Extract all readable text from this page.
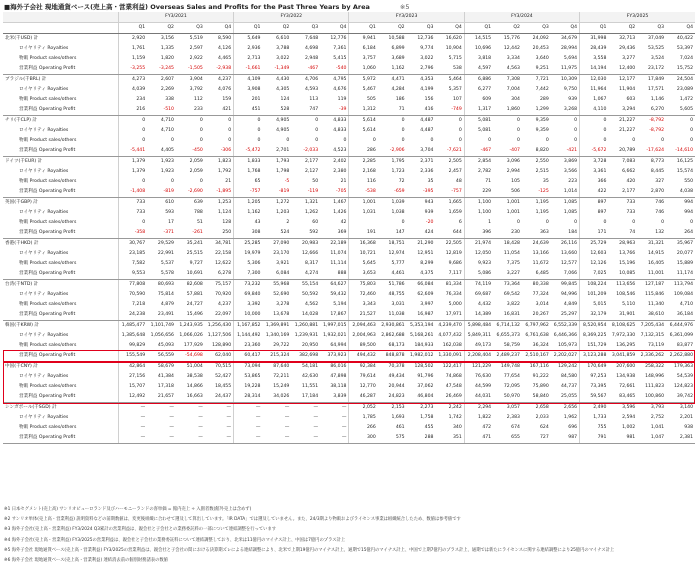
■海外子会社 現地通貨ベース(売上高・営業利益) Overseas Sales and Profits for the Past Three Years by Area	※5
	FY3/2021				FY3/2022				FY3/2023				FY3/2024				FY3/2025			
	Q1	Q2	Q3	Q4	Q1	Q2	Q3	Q4	Q1	Q2	Q3	Q4	Q1	Q2	Q3	Q4	Q1	Q2	Q3	Q4
北米(千USD) 計	2,920	3,156	5,519	8,590	5,649	6,610	7,648	12,776	9,941	10,588	12,736	16,620	14,515	15,776	24,092	34,679	31,998	32,713	37,049	40,422
ロイヤリティ Royalties	1,761	1,335	2,597	4,126	2,936	3,788	4,698	7,361	6,184	6,899	9,774	10,904	10,696	12,442	20,453	28,994	28,439	29,436	53,525	53,397
物販 Product sales/others	1,159	1,820	2,922	4,465	2,713	3,022	2,948	5,415	3,757	3,689	3,022	5,715	3,818	3,334	3,640	5,694	3,558	3,277	3,524	7,024
営業利益 Operating Profit	-3,255	-3,245	-1,505	-2,938	-1,661	-1,349	-467	-540	1,060	1,162	2,796	538	4,597	4,563	9,251	11,975	14,194	12,400	23,172	15,752
ブラジル(千BRL) 計	4,273	2,607	3,904	4,237	4,109	4,430	4,706	4,795	5,972	4,471	4,353	5,464	6,886	7,308	7,721	10,309	12,030	12,177	17,849	24,504
ロイヤリティ Royalties	4,039	2,269	3,792	4,076	3,908	4,305	4,593	4,676	5,467	4,284	4,199	5,357	6,277	7,004	7,442	9,750	11,964	11,904	17,571	23,089
物販 Product sales/others	234	338	112	159	201	124	113	119	505	186	156	107	609	304	289	939	1,067	603	1,146	1,472
営業利益 Operating Profit	216	-510	233	421	451	528	747	-39	1,312	71	416	-749	1,317	1,860	1,299	3,268	4,110	3,294	6,270	5,605
チリ(千CLP) 計	0	4,710	0	0	0	4,905	0	4,833	5,614	0	4,487	0	5,081	0	9,359	0	0	21,227	-8,792	0
ロイヤリティ Royalties	0	4,710	0	0	0	4,905	0	4,833	5,614	0	4,487	0	5,081	0	9,359	0	0	21,227	-8,792	0
物販 Product sales/others	0	0	0	0	0	0	0	0	0	0	0	0	0	0	0	0	0	0	0	0
営業利益 Operating Profit	-5,441	4,405	-450	-306	-5,472	2,701	-2,033	4,523	286	-2,906	3,704	-7,621	-467	-407	8,820	-421	-5,672	20,789	-17,624	-14,610
ドイツ(千EUR) 計	1,379	1,923	2,059	1,823	1,833	1,793	2,177	2,402	2,285	1,795	2,371	2,505	2,854	3,096	2,550	3,869	3,728	7,083	8,773	16,125
ロイヤリティ Royalties	1,379	1,923	2,059	1,792	1,768	1,798	2,127	2,380	2,168	1,723	2,336	2,457	2,782	2,994	2,515	3,566	3,361	6,662	8,445	15,574
物販 Product sales/others	0	0	0	21	65	-5	50	21	116	72	35	48	71	105	35	223	366	420	327	550
営業利益 Operating Profit	-1,408	-819	-2,690	-1,895	-757	-819	-119	-705	-538	-659	-395	-757	229	506	-125	1,014	422	2,177	2,870	4,038
英国(千GBP) 計	733	610	639	1,253	1,205	1,272	1,321	1,467	1,001	1,039	943	1,665	1,100	1,001	1,195	1,085	897	733	746	994
ロイヤリティ Royalties	733	593	788	1,124	1,162	1,203	1,262	1,426	1,031	1,038	939	1,659	1,100	1,001	1,195	1,085	897	733	746	994
物販 Product sales/others	0	17	51	128	43	2	60	42		0	-20	6	1	0	0	0	0	0	0	0
営業利益 Operating Profit	-358	-371	-261	250	308	524	592	369	191	147	424	644	396	230	363	184	171	74	132	264
香港(千HKD) 計	30,767	29,529	35,241	34,781	25,285	27,090	20,983	22,189	16,368	18,751	21,290	22,505	21,974	18,428	24,639	26,116	25,729	28,963	31,321	35,967
ロイヤリティ Royalties	23,185	22,991	25,515	22,158	19,979	23,170	12,666	11,074	10,721	12,974	12,951	12,819	12,050	11,054	13,166	13,660	12,603	13,766	14,915	20,077
物販 Product sales/others	7,582	5,537	9,727	12,622	5,306	3,921	8,317	11,114	5,645	5,777	8,299	9,686	9,923	7,375	11,672	12,577	12,126	15,196	16,405	15,889
営業利益 Operating Profit	9,553	5,578	10,691	6,278	7,300	6,084	4,274	888	3,653	4,461	4,375	7,117	5,086	3,227	6,485	7,066	7,025	10,085	11,001	11,174
台湾(千NTD) 計	77,808	80,693	82,608	75,157	73,232	55,968	55,154	64,627	75,803	51,786	66,084	81,334	74,119	73,364	80,338	99,845	108,224	113,656	127,187	113,794
ロイヤリティ Royalties	70,590	75,814	57,881	70,920	69,840	52,690	50,592	59,432	72,460	48,755	62,609	76,334	69,687	69,542	77,324	94,996	101,209	108,546	115,846	109,084
物販 Product sales/others	7,218	4,879	24,727	4,237	3,392	3,278	4,562	5,194	3,343	3,031	3,997	5,000	4,432	3,822	3,014	4,849	5,015	5,110	11,340	4,710
営業利益 Operating Profit	24,238	23,491	15,496	22,097	10,000	13,678	14,028	17,867	21,527	11,038	16,987	17,971	14,389	16,831	20,267	25,297	32,179	31,901	38,610	36,184
韓国(千KRW) 計	1,485,477	1,101,749	1,243,935	1,256,430	1,167,852	1,369,891	1,260,881	1,997,015	2,094,463	2,930,861	5,353,194	4,239,470	5,898,484	6,714,132	6,797,962	6,552,339	8,520,954	8,108,625	7,205,434	6,444,976
ロイヤリティ Royalties	1,385,648	1,056,656	1,066,026	1,127,506	1,144,492	1,340,169	1,239,931	1,932,021	2,004,963	2,862,688	5,168,261	4,077,432	5,849,311	6,655,373	6,761,638	6,446,366	8,369,225	7,972,330	7,132,315	6,361,099
物販 Product sales/others	99,829	45,093	177,929	128,890	23,360	29,722	20,950	64,994	89,500	68,173	184,933	162,038	49,173	58,759	36,324	105,973	151,729	136,295	73,119	83,877
営業利益 Operating Profit	155,549	56,559	-54,698	62,040	60,417	215,324	382,698	373,923	494,432	848,878	1,982,012	1,330,091	2,208,404	2,489,237	2,510,167	2,202,027	3,123,288	3,041,859	2,336,262	2,262,880
中国(千CNY) 計	42,864	58,679	51,004	70,515	73,094	87,640	54,181	86,016	92,384	70,378	128,502	122,417	121,229	149,748	167,116	129,242	170,649	207,600	258,322	179,363
ロイヤリティ Royalties	27,156	41,384	38,538	52,427	53,865	72,211	42,630	47,898	79,614	49,434	91,796	74,868	76,630	77,654	91,222	84,580	97,253	134,938	148,996	54,539
物販 Product sales/others	15,707	17,318	14,866	18,455	19,228	15,249	11,551	38,118	12,770	20,944	37,062	47,548	44,599	72,095	75,890	44,737	73,395	72,661	111,823	124,823
営業利益 Operating Profit	12,492	21,657	16,663	24,437	28,314	34,026	17,184	3,839	46,287	24,823	46,804	26,469	44,031	50,970	58,840	25,055	59,567	83,465	100,860	39,742
シンガポール(千SGD) 計	—	—	—	—	—	—	—	—	2,052	2,153	2,273	2,242	2,294	3,057	2,658	2,656	2,490	3,596	3,793	3,140
ロイヤリティ Royalties	—	—	—	—	—	—	—	—	1,785	1,693	1,758	1,742	1,822	2,383	2,033	1,962	1,733	2,594	2,752	2,201
物販 Product sales/others	—	—	—	—	—	—	—	—	266	461	455	340	472	674	624	696	755	1,002	1,041	938
営業利益 Operating Profit	—	—	—	—	—	—	—	—	300	575	288	351	471	655	727	987	791	981	1,047	2,381
※1 日本セグメント(売上高) サンリオピューロランド及びハーモニーランドの客単価 = 館内売上 ÷ 入園者数(館外売上は含めず)
※2 サンリオ単体(売上高・営業利益) 説明資料などの前期数値は、変更後組織に合わせて遡及して算出しています。「IR DATA」では遡及していません。また、24/3期より物販およびライセンス事業は組織統合したため、数値は参考値です
※3 海外子会社(売上高・営業利益) FY3/2024 Q3累計の営業利益は、親会社と子会社との業務委託料の一部について連結調整を行っています
※4 海外子会社(売上高・営業利益) FY3/2025の営業利益は、親会社と子会社の業務委託料について連結調整しており、北米は11億円のマイナス計上、中国は7億円のプラス計上
※5 海外子会社 現地通貨ベース(売上高・営業利益) FY3/2025の営業利益は、親会社と子会社の間における決算期ズレによる連結調整により、北米で上期19億円のマイナス計上、通期で15億円のマイナス計上、中国で上期7億円のプラス計上、通期では新たにライセンスに関する連結調整により25億円のマイナス計上
※6 海外子会社 現地通貨ベース(売上高・営業利益) 連結消去前の個別財務諸表の数値
